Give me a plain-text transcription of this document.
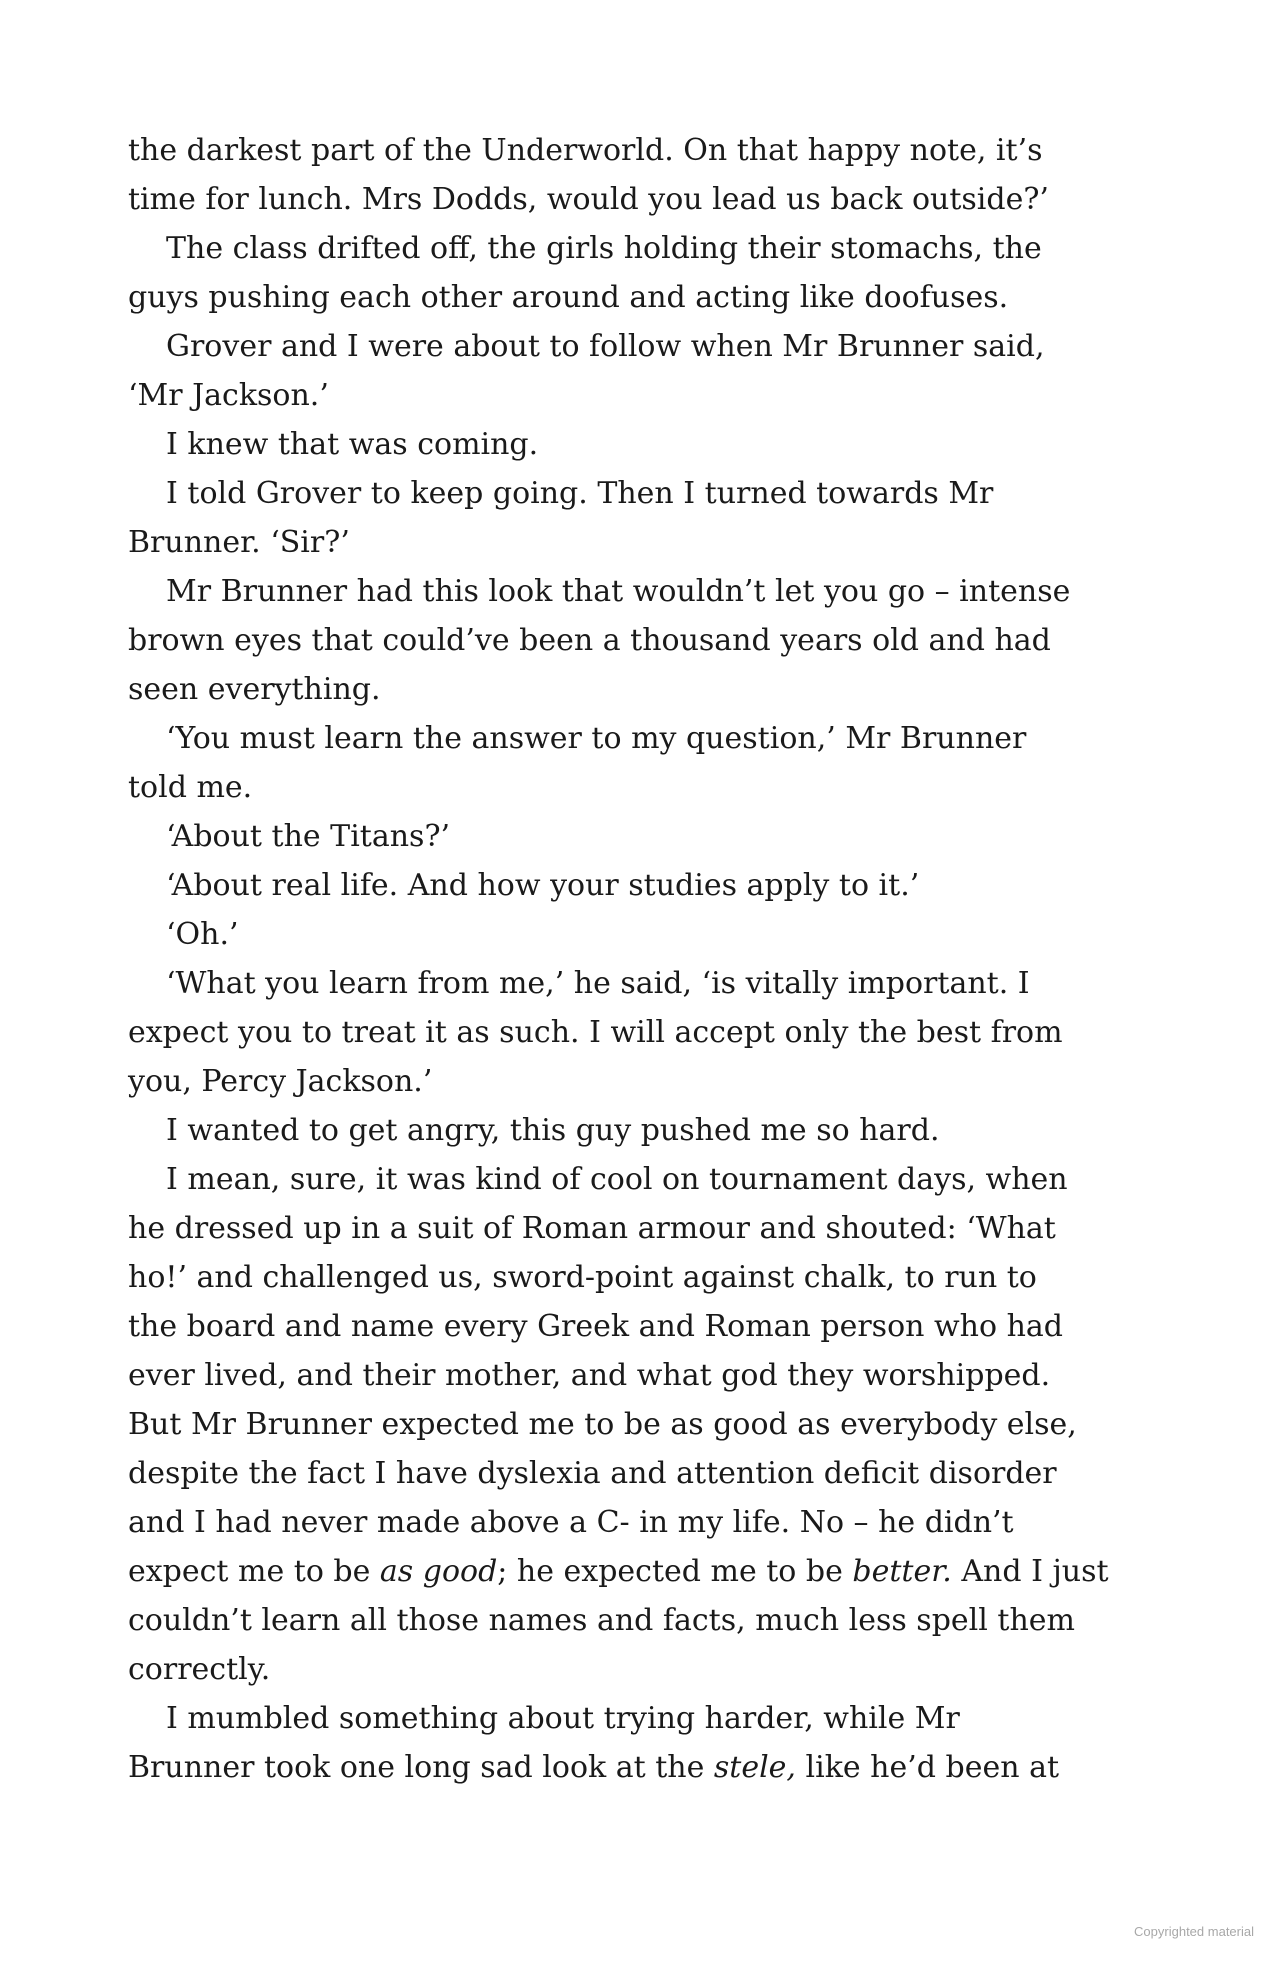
the darkest part of the Underworld. On that happy note, it’s
time for lunch. Mrs Dodds, would you lead us back outside?’
The class drifted off, the girls holding their stomachs, the
guys pushing each other around and acting like doofuses.
Grover and I were about to follow when Mr Brunner said,
‘Mr Jackson.’
I knew that was coming.
I told Grover to keep going. Then I turned towards Mr
Brunner. ‘Sir?’
Mr Brunner had this look that wouldn’t let you go – intense
brown eyes that could’ve been a thousand years old and had
seen everything.
‘You must learn the answer to my question,’ Mr Brunner
told me.
‘About the Titans?’
‘About real life. And how your studies apply to it.’
‘Oh.’
‘What you learn from me,’ he said, ‘is vitally important. I
expect you to treat it as such. I will accept only the best from
you, Percy Jackson.’
I wanted to get angry, this guy pushed me so hard.
I mean, sure, it was kind of cool on tournament days, when
he dressed up in a suit of Roman armour and shouted: ‘What
ho!’ and challenged us, sword-point against chalk, to run to
the board and name every Greek and Roman person who had
ever lived, and their mother, and what god they worshipped.
But Mr Brunner expected me to be as good as everybody else,
despite the fact I have dyslexia and attention deficit disorder
and I had never made above a C- in my life. No – he didn’t
expect me to be as good; he expected me to be better. And I just
couldn’t learn all those names and facts, much less spell them
correctly.
I mumbled something about trying harder, while Mr
Brunner took one long sad look at the stele, like he’d been at
Copyrighted material
